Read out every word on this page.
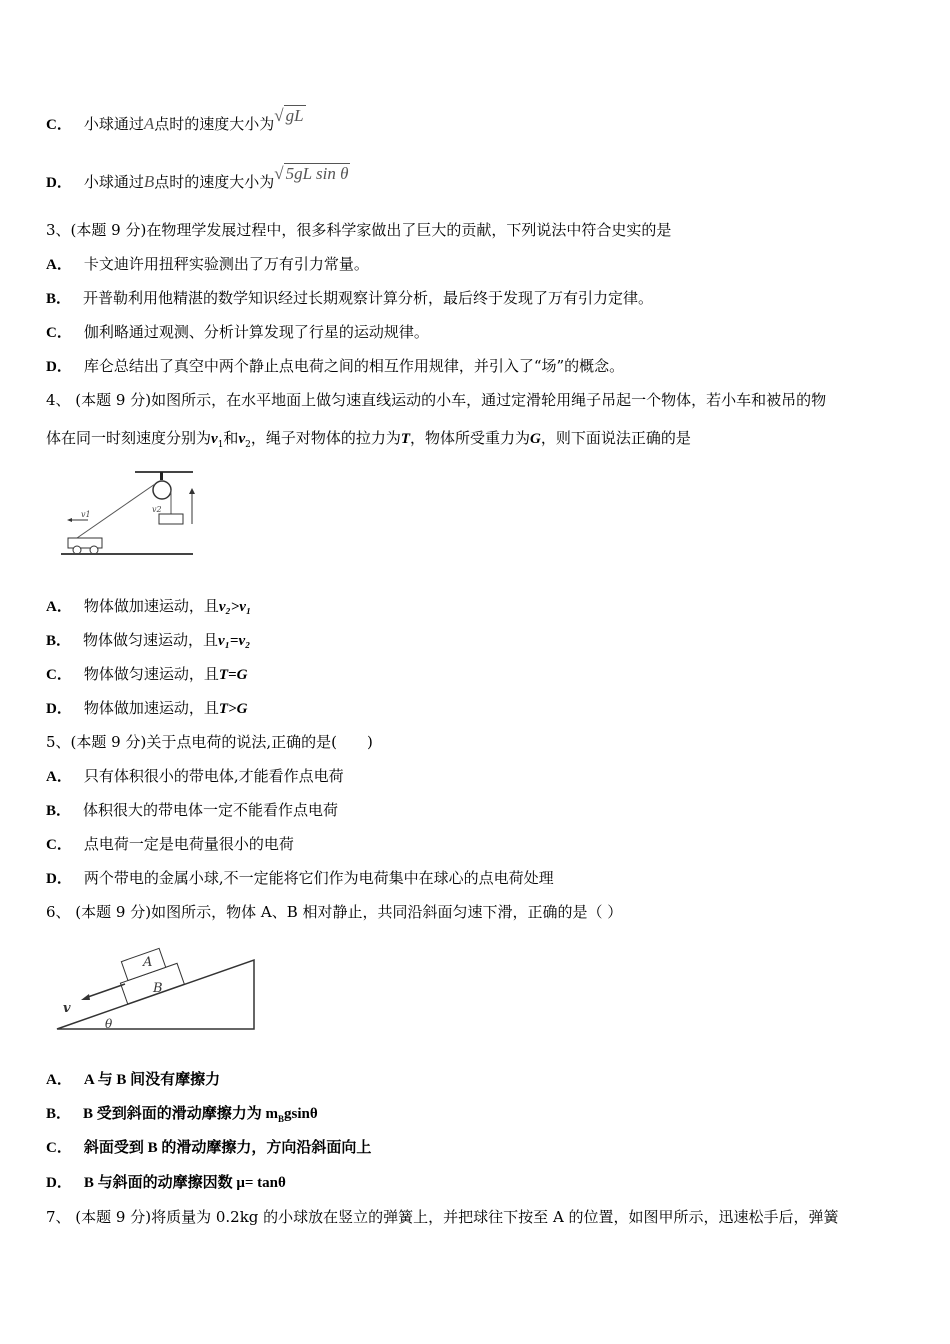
C． 小球通过A点时的速度大小为√ gL
D． 小球通过B点时的速度大小为√ 5gL sin θ
3、(本题 9 分)在物理学发展过程中，很多科学家做出了巨大的贡献，下列说法中符合史实的是
A． 卡文迪许用扭秤实验测出了万有引力常量。
B． 开普勒利用他精湛的数学知识经过长期观察计算分析，最后终于发现了万有引力定律。
C． 伽利略通过观测、分析计算发现了行星的运动规律。
D． 库仑总结出了真空中两个静止点电荷之间的相互作用规律，并引入了“场”的概念。
4、 (本题 9 分)如图所示，在水平地面上做匀速直线运动的小车，通过定滑轮用绳子吊起一个物体，若小车和被吊的物
体在同一时刻速度分别为$v_1$和$v_2$，绳子对物体的拉力为T，物体所受重力为G，则下面说法正确的是
v1
v2
A． 物体做加速运动，且v₂>v₁
B． 物体做匀速运动，且v₁=v₂
C． 物体做匀速运动，且T=G
D． 物体做加速运动，且T>G
5、(本题 9 分)关于点电荷的说法,正确的是(　　)
A． 只有体积很小的带电体,才能看作点电荷
B． 体积很大的带电体一定不能看作点电荷
C． 点电荷一定是电荷量很小的电荷
D． 两个带电的金属小球,不一定能将它们作为电荷集中在球心的点电荷处理
6、 (本题 9 分)如图所示，物体 A、B 相对静止，共同沿斜面匀速下滑，正确的是（ ）
A
B
v
θ
A． A 与 B 间没有摩擦力
B． B 受到斜面的滑动摩擦力为 $m_Bgsin\theta$
C． 斜面受到 B 的滑动摩擦力，方向沿斜面向上
D． B 与斜面的动摩擦因数 μ= tanθ
7、 (本题 9 分)将质量为 0.2kg 的小球放在竖立的弹簧上，并把球往下按至 A 的位置，如图甲所示，迅速松手后，弹簧
